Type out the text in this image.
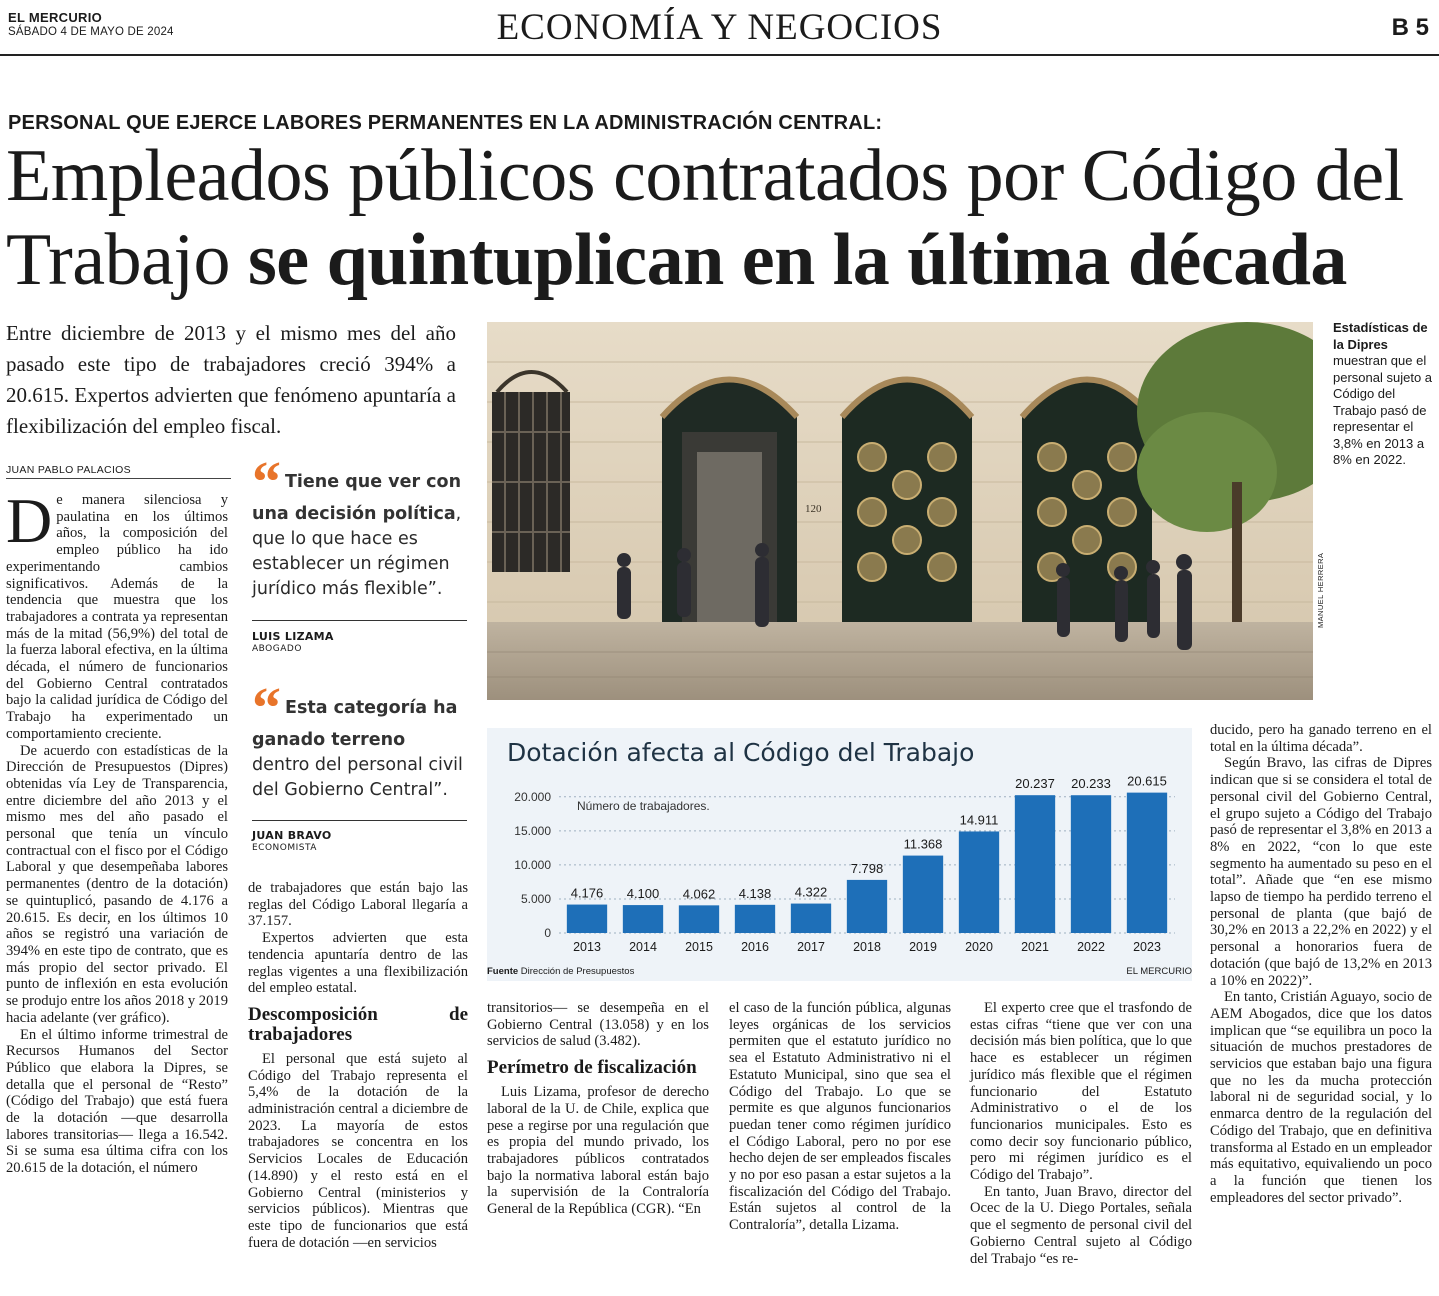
EL MERCURIO
SÁBADO 4 DE MAYO DE 2024	ECONOMÍA Y NEGOCIOS	B 5
PERSONAL QUE EJERCE LABORES PERMANENTES EN LA ADMINISTRACIÓN CENTRAL:
Empleados públicos contratados por Código del
Trabajo se quintuplican en la última década
Entre diciembre de 2013 y el mismo mes del año pasado este tipo de trabajadores creció 394% a 20.615. Expertos advierten que fenómeno apuntaría a flexibilización del empleo fiscal.
JUAN PABLO PALACIOS

De manera silenciosa y paulatina en los últimos años, la composición del empleo público ha ido experimentando cambios significativos. Además de la tendencia que muestra que los trabajadores a contrata ya representan más de la mitad (56,9%) del total de la fuerza laboral efectiva, en la última década, el número de funcionarios del Gobierno Central contratados bajo la calidad jurídica de Código del Trabajo ha experimentado un comportamiento creciente.

De acuerdo con estadísticas de la Dirección de Presupuestos (Dipres) obtenidas vía Ley de Transparencia, entre diciembre del año 2013 y el mismo mes del año pasado el personal que tenía un vínculo contractual con el fisco por el Código Laboral y que desempeñaba labores permanentes (dentro de la dotación) se quintuplicó, pasando de 4.176 a 20.615. Es decir, en los últimos 10 años se registró una variación de 394% en este tipo de contrato, que es más propio del sector privado. El punto de inflexión en esta evolución se produjo entre los años 2018 y 2019 hacia adelante (ver gráfico).

En el último informe trimestral de Recursos Humanos del Sector Público que elabora la Dipres, se detalla que el personal de “Resto” (Código del Trabajo) que está fuera de la dotación —que desarrolla labores transitorias— llega a 16.542. Si se suma esa última cifra con los 20.615 de la dotación, el número

“ Tiene que ver con una decisión política, que lo que hace es establecer un régimen jurídico más flexible”.
LUIS LIZAMA
ABOGADO
“ Esta categoría ha ganado terreno dentro del personal civil del Gobierno Central”.
JUAN BRAVO
ECONOMISTA

de trabajadores que están bajo las reglas del Código Laboral llegaría a 37.157.

Expertos advierten que esta tendencia apuntaría dentro de las reglas vigentes a una flexibilización del empleo estatal.

Descomposición de trabajadores

El personal que está sujeto al Código del Trabajo representa el 5,4% de la dotación de la administración central a diciembre de 2023. La mayoría de estos trabajadores se concentra en los Servicios Locales de Educación (14.890) y el resto está en el Gobierno Central (ministerios y servicios públicos). Mientras que este tipo de funcionarios que está fuera de dotación —en servicios

120
MANUEL HERRERA
Estadísticas de la Dipres muestran que el personal sujeto a Código del Trabajo pasó de representar el 3,8% en 2013 a 8% en 2022.
Dotación afecta al Código del Trabajo
0
5.000
10.000
15.000
20.000
Número de trabajadores.
4.176
2013
4.100
2014
4.062
2015
4.138
2016
4.322
2017
7.798
2018
11.368
2019
14.911
2020
20.237
2021
20.233
2022
20.615
2023
Fuente Dirección de Presupuestos	EL MERCURIO

transitorios— se desempeña en el Gobierno Central (13.058) y en los servicios de salud (3.482).

Perímetro de fiscalización

Luis Lizama, profesor de derecho laboral de la U. de Chile, explica que pese a regirse por una regulación que es propia del mundo privado, los trabajadores públicos contratados bajo la normativa laboral están bajo la supervisión de la Contraloría General de la República (CGR). “En

el caso de la función pública, algunas leyes orgánicas de los servicios permiten que el estatuto jurídico no sea el Estatuto Administrativo ni el Estatuto Municipal, sino que sea el Código del Trabajo. Lo que se permite es que algunos funcionarios puedan tener como régimen jurídico el Código Laboral, pero no por ese hecho dejen de ser empleados fiscales y no por eso pasan a estar sujetos a la fiscalización del Código del Trabajo. Están sujetos al control de la Contraloría”, detalla Lizama.

El experto cree que el trasfondo de estas cifras “tiene que ver con una decisión más bien política, que lo que hace es establecer un régimen jurídico más flexible que el régimen funcionario del Estatuto Administrativo o el de los funcionarios municipales. Esto es como decir soy funcionario público, pero mi régimen jurídico es el Código del Trabajo”.

En tanto, Juan Bravo, director del Ocec de la U. Diego Portales, señala que el segmento de personal civil del Gobierno Central sujeto al Código del Trabajo “es re-

ducido, pero ha ganado terreno en el total en la última década”.

Según Bravo, las cifras de Dipres indican que si se considera el total de personal civil del Gobierno Central, el grupo sujeto a Código del Trabajo pasó de representar el 3,8% en 2013 a 8% en 2022, “con lo que este segmento ha aumentado su peso en el total”. Añade que “en ese mismo lapso de tiempo ha perdido terreno el personal de planta (que bajó de 30,2% en 2013 a 22,2% en 2022) y el personal a honorarios fuera de dotación (que bajó de 13,2% en 2013 a 10% en 2022)”.

En tanto, Cristián Aguayo, socio de AEM Abogados, dice que los datos implican que “se equilibra un poco la situación de muchos prestadores de servicios que estaban bajo una figura que no les da mucha protección laboral ni de seguridad social, y lo enmarca dentro de la regulación del Código del Trabajo, que en definitiva transforma al Estado en un empleador más equitativo, equivaliendo un poco a la función que tienen los empleadores del sector privado”.
